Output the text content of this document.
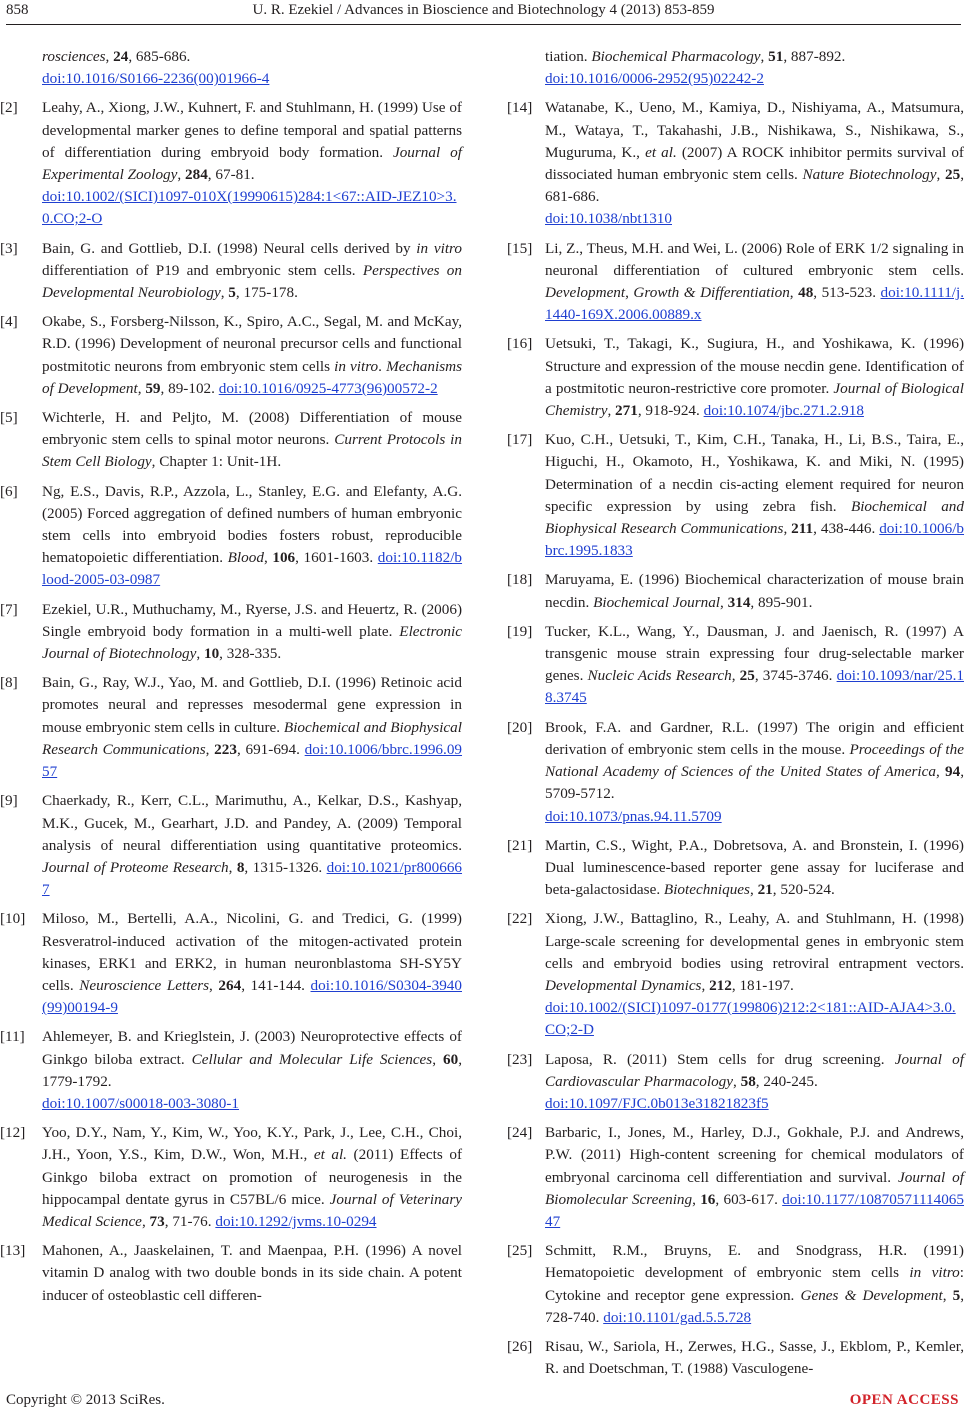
858	U. R. Ezekiel / Advances in Bioscience and Biotechnology 4 (2013) 853-859
rosciences, 24, 685-686.
doi:10.1016/S0166-2236(00)01966-4
[2] Leahy, A., Xiong, J.W., Kuhnert, F. and Stuhlmann, H. (1999) Use of developmental marker genes to define temporal and spatial patterns of differentiation during embryoid body formation. Journal of Experimental Zoology, 284, 67-81.
doi:10.1002/(SICI)1097-010X(19990615)284:1<67::AID-JEZ10>3.0.CO;2-O
[3] Bain, G. and Gottlieb, D.I. (1998) Neural cells derived by in vitro differentiation of P19 and embryonic stem cells. Perspectives on Developmental Neurobiology, 5, 175-178.
[4] Okabe, S., Forsberg-Nilsson, K., Spiro, A.C., Segal, M. and McKay, R.D. (1996) Development of neuronal precursor cells and functional postmitotic neurons from embryonic stem cells in vitro. Mechanisms of Development, 59, 89-102. doi:10.1016/0925-4773(96)00572-2
[5] Wichterle, H. and Peljto, M. (2008) Differentiation of mouse embryonic stem cells to spinal motor neurons. Current Protocols in Stem Cell Biology, Chapter 1: Unit-1H.
[6] Ng, E.S., Davis, R.P., Azzola, L., Stanley, E.G. and Elefanty, A.G. (2005) Forced aggregation of defined numbers of human embryonic stem cells into embryoid bodies fosters robust, reproducible hematopoietic differentiation. Blood, 106, 1601-1603. doi:10.1182/blood-2005-03-0987
[7] Ezekiel, U.R., Muthuchamy, M., Ryerse, J.S. and Heuertz, R. (2006) Single embryoid body formation in a multi-well plate. Electronic Journal of Biotechnology, 10, 328-335.
[8] Bain, G., Ray, W.J., Yao, M. and Gottlieb, D.I. (1996) Retinoic acid promotes neural and represses mesodermal gene expression in mouse embryonic stem cells in culture. Biochemical and Biophysical Research Communications, 223, 691-694. doi:10.1006/bbrc.1996.0957
[9] Chaerkady, R., Kerr, C.L., Marimuthu, A., Kelkar, D.S., Kashyap, M.K., Gucek, M., Gearhart, J.D. and Pandey, A. (2009) Temporal analysis of neural differentiation using quantitative proteomics. Journal of Proteome Research, 8, 1315-1326. doi:10.1021/pr8006667
[10] Miloso, M., Bertelli, A.A., Nicolini, G. and Tredici, G. (1999) Resveratrol-induced activation of the mitogen-activated protein kinases, ERK1 and ERK2, in human neuronblastoma SH-SY5Y cells. Neuroscience Letters, 264, 141-144. doi:10.1016/S0304-3940(99)00194-9
[11] Ahlemeyer, B. and Krieglstein, J. (2003) Neuroprotective effects of Ginkgo biloba extract. Cellular and Molecular Life Sciences, 60, 1779-1792.
doi:10.1007/s00018-003-3080-1
[12] Yoo, D.Y., Nam, Y., Kim, W., Yoo, K.Y., Park, J., Lee, C.H., Choi, J.H., Yoon, Y.S., Kim, D.W., Won, M.H., et al. (2011) Effects of Ginkgo biloba extract on promotion of neurogenesis in the hippocampal dentate gyrus in C57BL/6 mice. Journal of Veterinary Medical Science, 73, 71-76. doi:10.1292/jvms.10-0294
[13] Mahonen, A., Jaaskelainen, T. and Maenpaa, P.H. (1996) A novel vitamin D analog with two double bonds in its side chain. A potent inducer of osteoblastic cell differen-
tiation. Biochemical Pharmacology, 51, 887-892.
doi:10.1016/0006-2952(95)02242-2
[14] Watanabe, K., Ueno, M., Kamiya, D., Nishiyama, A., Matsumura, M., Wataya, T., Takahashi, J.B., Nishikawa, S., Nishikawa, S., Muguruma, K., et al. (2007) A ROCK inhibitor permits survival of dissociated human embryonic stem cells. Nature Biotechnology, 25, 681-686.
doi:10.1038/nbt1310
[15] Li, Z., Theus, M.H. and Wei, L. (2006) Role of ERK 1/2 signaling in neuronal differentiation of cultured embryonic stem cells. Development, Growth & Differentiation, 48, 513-523. doi:10.1111/j.1440-169X.2006.00889.x
[16] Uetsuki, T., Takagi, K., Sugiura, H., and Yoshikawa, K. (1996) Structure and expression of the mouse necdin gene. Identification of a postmitotic neuron-restrictive core promoter. Journal of Biological Chemistry, 271, 918-924. doi:10.1074/jbc.271.2.918
[17] Kuo, C.H., Uetsuki, T., Kim, C.H., Tanaka, H., Li, B.S., Taira, E., Higuchi, H., Okamoto, H., Yoshikawa, K. and Miki, N. (1995) Determination of a necdin cis-acting element required for neuron specific expression by using zebra fish. Biochemical and Biophysical Research Communications, 211, 438-446. doi:10.1006/bbrc.1995.1833
[18] Maruyama, E. (1996) Biochemical characterization of mouse brain necdin. Biochemical Journal, 314, 895-901.
[19] Tucker, K.L., Wang, Y., Dausman, J. and Jaenisch, R. (1997) A transgenic mouse strain expressing four drug-selectable marker genes. Nucleic Acids Research, 25, 3745-3746. doi:10.1093/nar/25.18.3745
[20] Brook, F.A. and Gardner, R.L. (1997) The origin and efficient derivation of embryonic stem cells in the mouse. Proceedings of the National Academy of Sciences of the United States of America, 94, 5709-5712.
doi:10.1073/pnas.94.11.5709
[21] Martin, C.S., Wight, P.A., Dobretsova, A. and Bronstein, I. (1996) Dual luminescence-based reporter gene assay for luciferase and beta-galactosidase. Biotechniques, 21, 520-524.
[22] Xiong, J.W., Battaglino, R., Leahy, A. and Stuhlmann, H. (1998) Large-scale screening for developmental genes in embryonic stem cells and embryoid bodies using retroviral entrapment vectors. Developmental Dynamics, 212, 181-197.
doi:10.1002/(SICI)1097-0177(199806)212:2<181::AID-AJA4>3.0.CO;2-D
[23] Laposa, R. (2011) Stem cells for drug screening. Journal of Cardiovascular Pharmacology, 58, 240-245.
doi:10.1097/FJC.0b013e31821823f5
[24] Barbaric, I., Jones, M., Harley, D.J., Gokhale, P.J. and Andrews, P.W. (2011) High-content screening for chemical modulators of embryonal carcinoma cell differentiation and survival. Journal of Biomolecular Screening, 16, 603-617. doi:10.1177/1087057111406547
[25] Schmitt, R.M., Bruyns, E. and Snodgrass, H.R. (1991) Hematopoietic development of embryonic stem cells in vitro: Cytokine and receptor gene expression. Genes & Development, 5, 728-740. doi:10.1101/gad.5.5.728
[26] Risau, W., Sariola, H., Zerwes, H.G., Sasse, J., Ekblom, P., Kemler, R. and Doetschman, T. (1988) Vasculogene-
Copyright © 2013 SciRes.	OPEN ACCESS
